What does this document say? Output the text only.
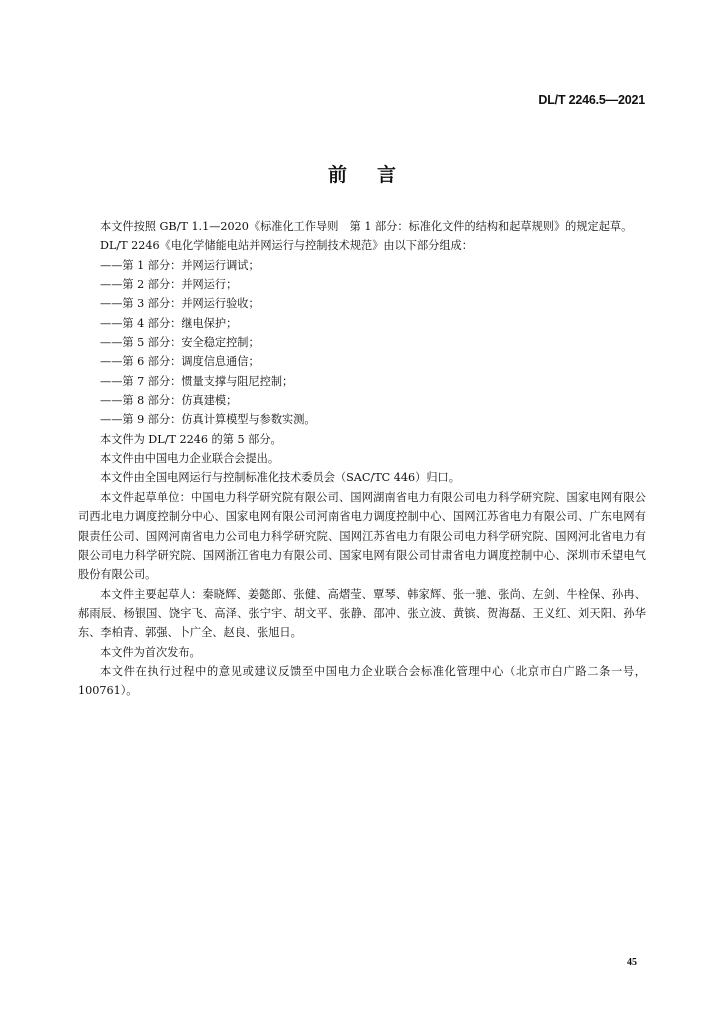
DL/T 2246.5—2021
前言

本文件按照 GB/T 1.1—2020《标准化工作导则　第 1 部分：标准化文件的结构和起草规则》的规定起草。

DL/T 2246《电化学储能电站并网运行与控制技术规范》由以下部分组成：

——第 1 部分：并网运行调试；

——第 2 部分：并网运行；

——第 3 部分：并网运行验收；

——第 4 部分：继电保护；

——第 5 部分：安全稳定控制；

——第 6 部分：调度信息通信；

——第 7 部分：惯量支撑与阻尼控制；

——第 8 部分：仿真建模；

——第 9 部分：仿真计算模型与参数实测。

本文件为 DL/T 2246 的第 5 部分。

本文件由中国电力企业联合会提出。

本文件由全国电网运行与控制标准化技术委员会（SAC/TC 446）归口。

本文件起草单位：中国电力科学研究院有限公司、国网湖南省电力有限公司电力科学研究院、国家电网有限公司西北电力调度控制分中心、国家电网有限公司河南省电力调度控制中心、国网江苏省电力有限公司、广东电网有限责任公司、国网河南省电力公司电力科学研究院、国网江苏省电力有限公司电力科学研究院、国网河北省电力有限公司电力科学研究院、国网浙江省电力有限公司、国家电网有限公司甘肃省电力调度控制中心、深圳市禾望电气股份有限公司。

本文件主要起草人：秦晓辉、姜懿郎、张健、高熠莹、覃琴、韩家辉、张一驰、张尚、左剑、牛栓保、孙冉、郝雨辰、杨银国、饶宇飞、高泽、张宁宇、胡文平、张静、邵冲、张立波、黄镔、贺海磊、王义红、刘天阳、孙华东、李柏青、郭强、卜广全、赵良、张旭日。

本文件为首次发布。

本文件在执行过程中的意见或建议反馈至中国电力企业联合会标准化管理中心（北京市白广路二条一号，100761）。

45
